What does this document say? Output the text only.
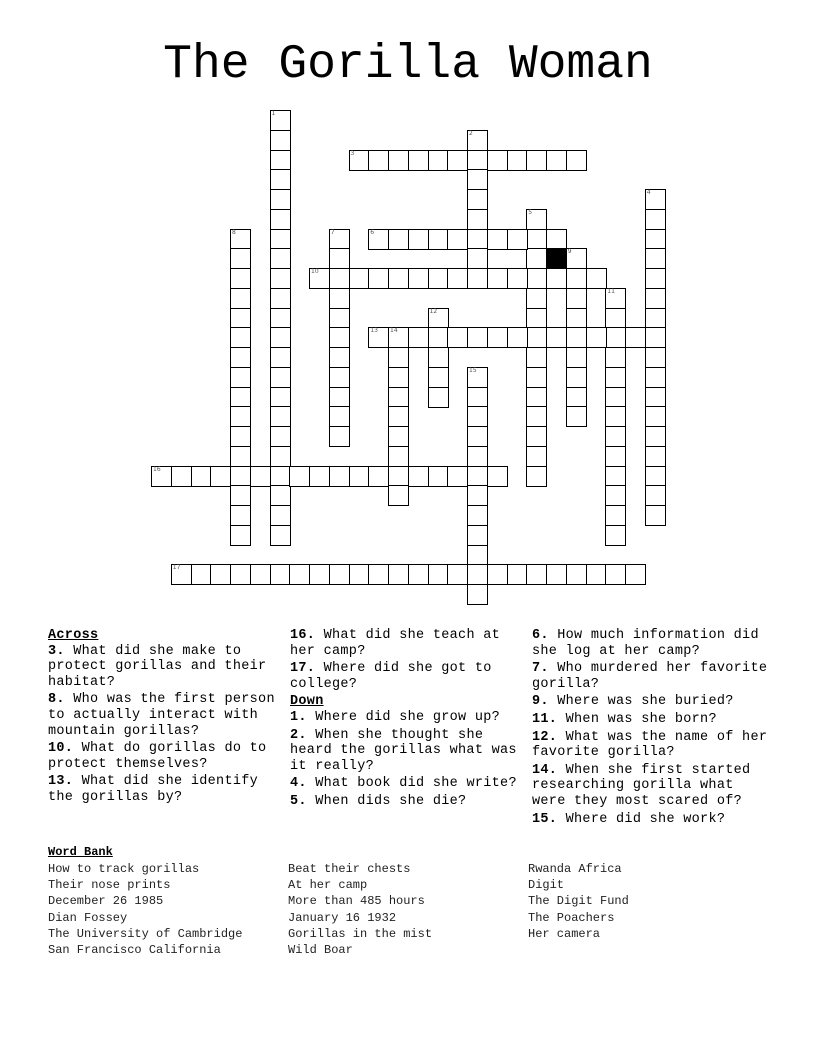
The Gorilla Woman
1
2
3
4
5
6
7
8
9
10
11
12
13 14
15
16
17
Across
3. What did she make to protect gorillas and their habitat?
8. Who was the first person to actually interact with mountain gorillas?
10. What do gorillas do to protect themselves?
13. What did she identify the gorillas by?
16. What did she teach at her camp?
17. Where did she got to college?
Down
1. Where did she grow up?
2. When she thought she heard the gorillas what was it really?
4. What book did she write?
5. When dids she die?
6. How much information did she log at her camp?
7. Who murdered her favorite gorilla?
9. Where was she buried?
11. When was she born?
12. What was the name of her favorite gorilla?
14. When she first started researching gorilla what were they most scared of?
15. Where did she work?
Word Bank
How to track gorillas
Their nose prints
December 26 1985
Dian Fossey
The University of Cambridge
San Francisco California
Beat their chests
At her camp
More than 485 hours
January 16 1932
Gorillas in the mist
Wild Boar
Rwanda Africa
Digit
The Digit Fund
The Poachers
Her camera
